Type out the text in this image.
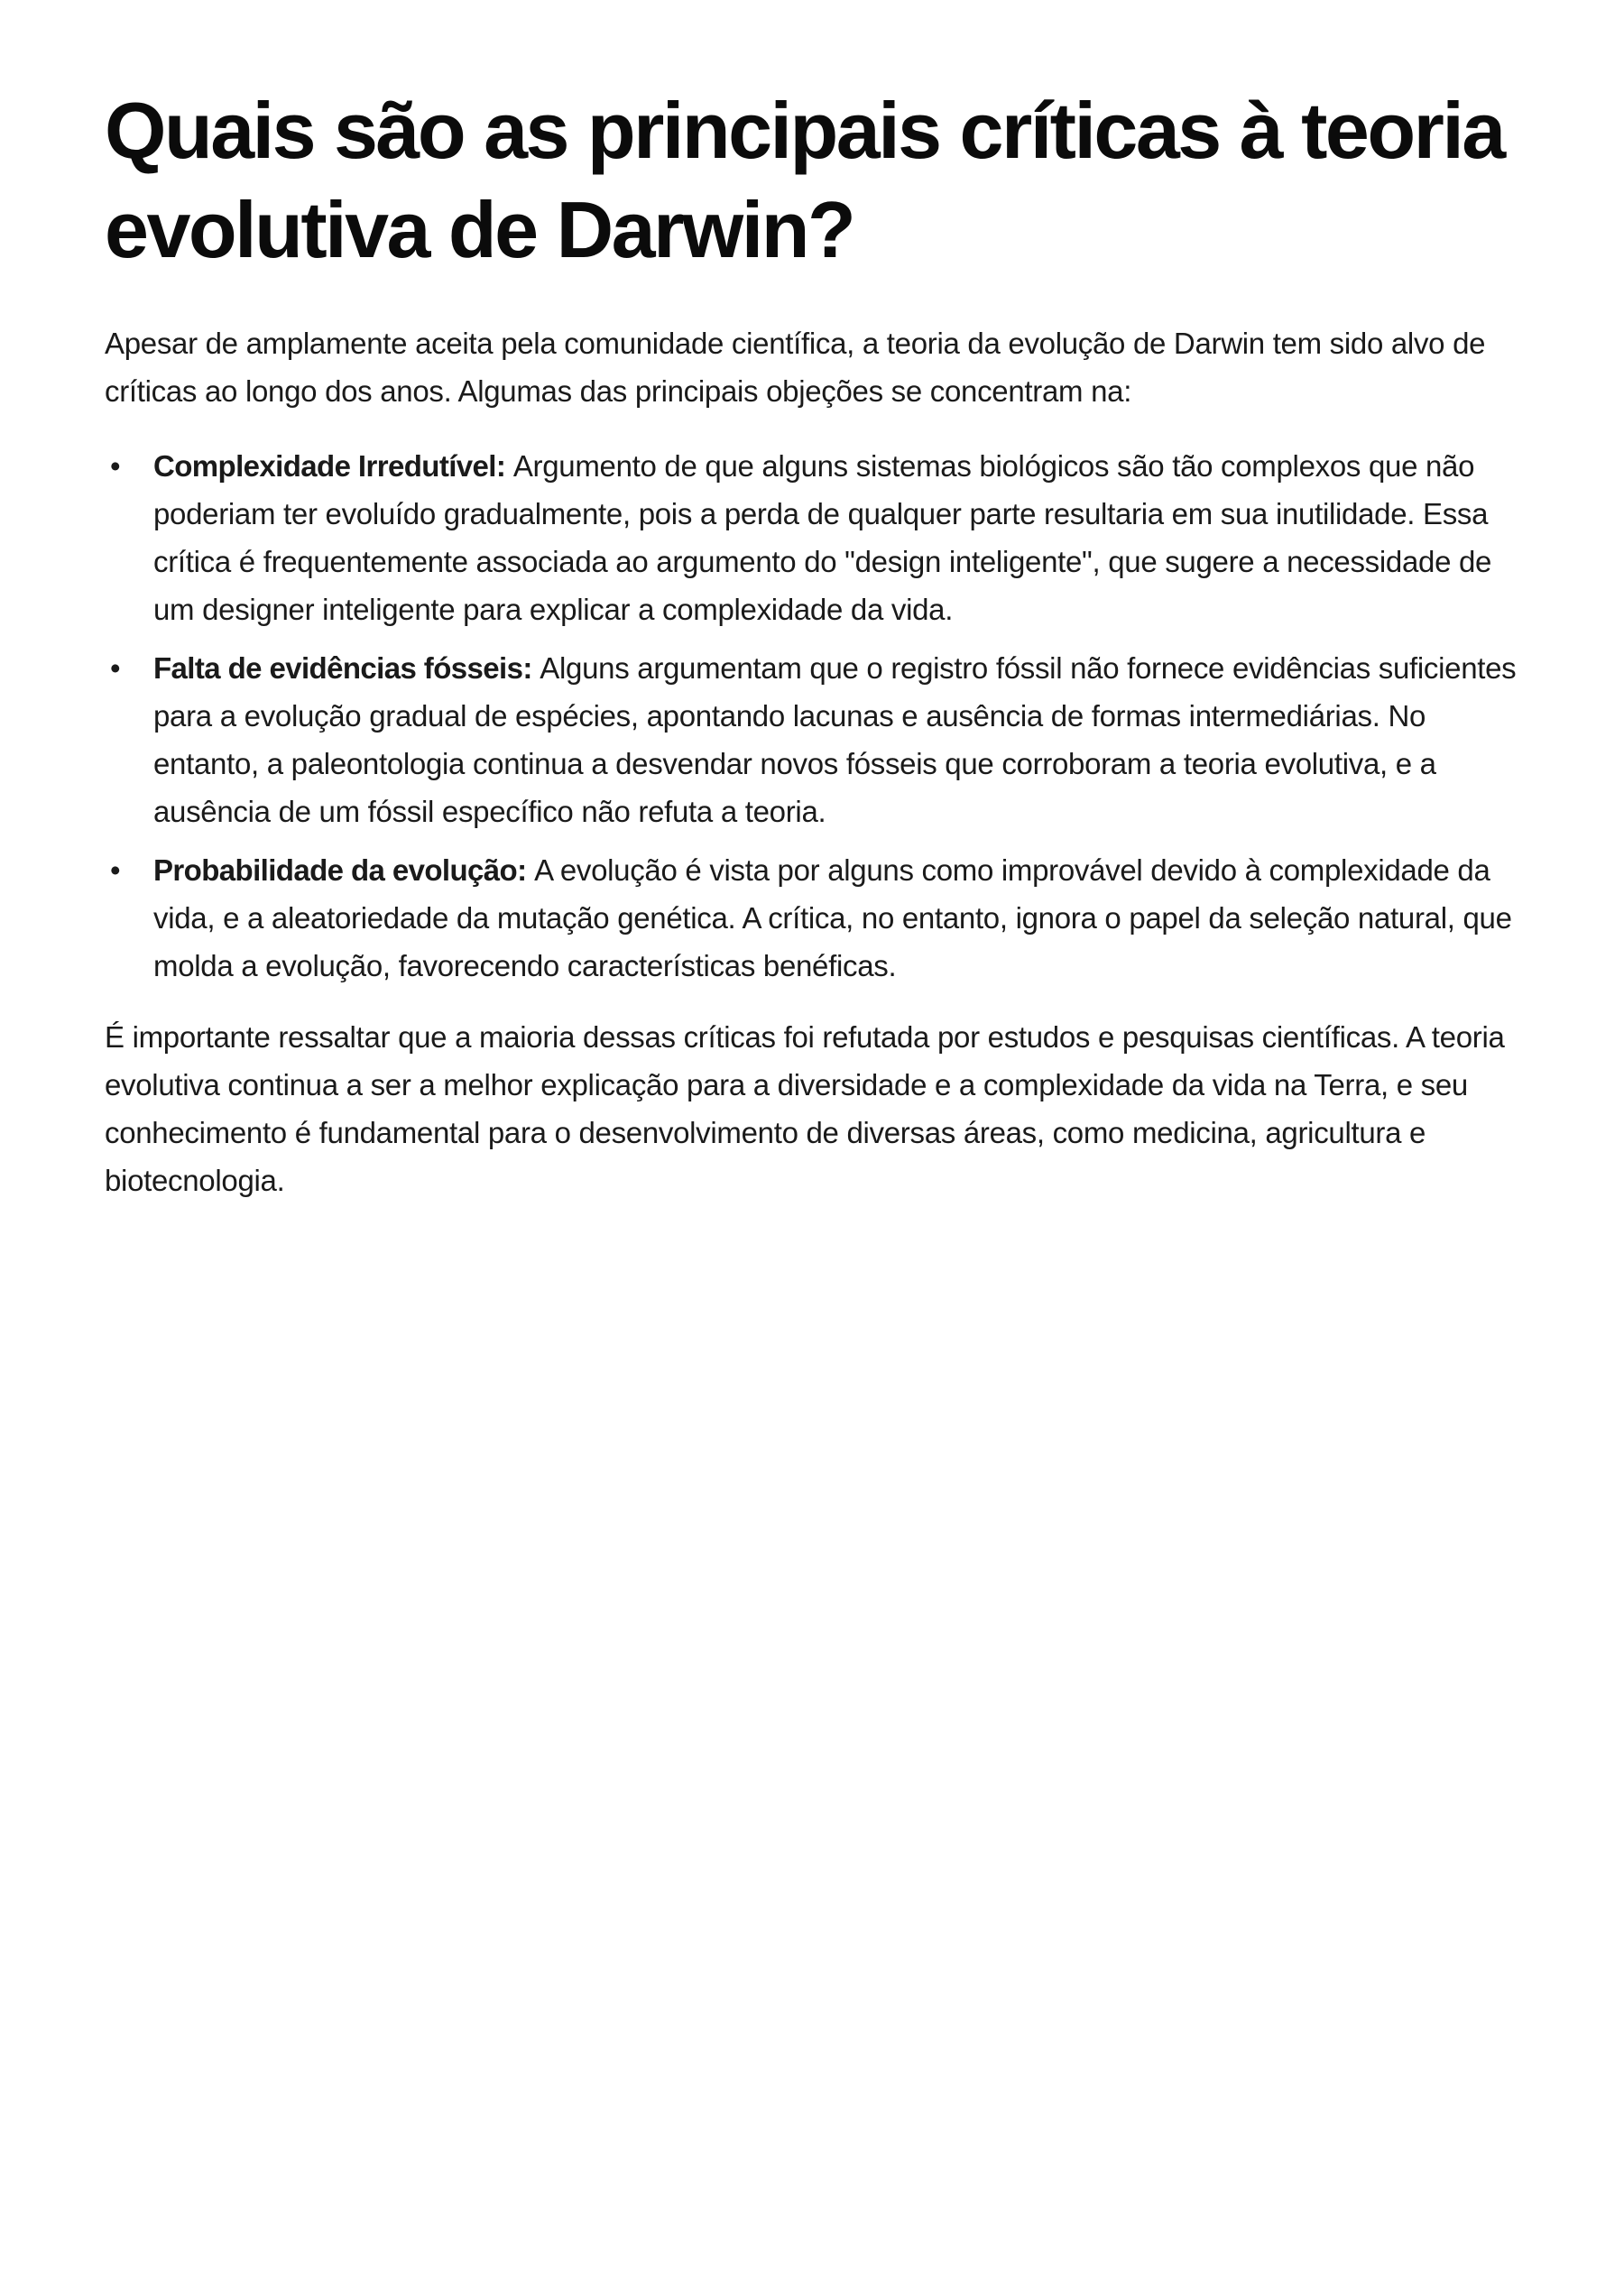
Quais são as principais críticas à teoria evolutiva de Darwin?

Apesar de amplamente aceita pela comunidade científica, a teoria da evolução de Darwin tem sido alvo de críticas ao longo dos anos. Algumas das principais objeções se concentram na:

•	Complexidade Irredutível: Argumento de que alguns sistemas biológicos são tão complexos que não poderiam ter evoluído gradualmente, pois a perda de qualquer parte resultaria em sua inutilidade. Essa crítica é frequentemente associada ao argumento do "design inteligente", que sugere a necessidade de um designer inteligente para explicar a complexidade da vida.
•	Falta de evidências fósseis: Alguns argumentam que o registro fóssil não fornece evidências suficientes para a evolução gradual de espécies, apontando lacunas e ausência de formas intermediárias. No entanto, a paleontologia continua a desvendar novos fósseis que corroboram a teoria evolutiva, e a ausência de um fóssil específico não refuta a teoria.
•	Probabilidade da evolução: A evolução é vista por alguns como improvável devido à complexidade da vida, e a aleatoriedade da mutação genética. A crítica, no entanto, ignora o papel da seleção natural, que molda a evolução, favorecendo características benéficas.

É importante ressaltar que a maioria dessas críticas foi refutada por estudos e pesquisas científicas. A teoria evolutiva continua a ser a melhor explicação para a diversidade e a complexidade da vida na Terra, e seu conhecimento é fundamental para o desenvolvimento de diversas áreas, como medicina, agricultura e biotecnologia.
